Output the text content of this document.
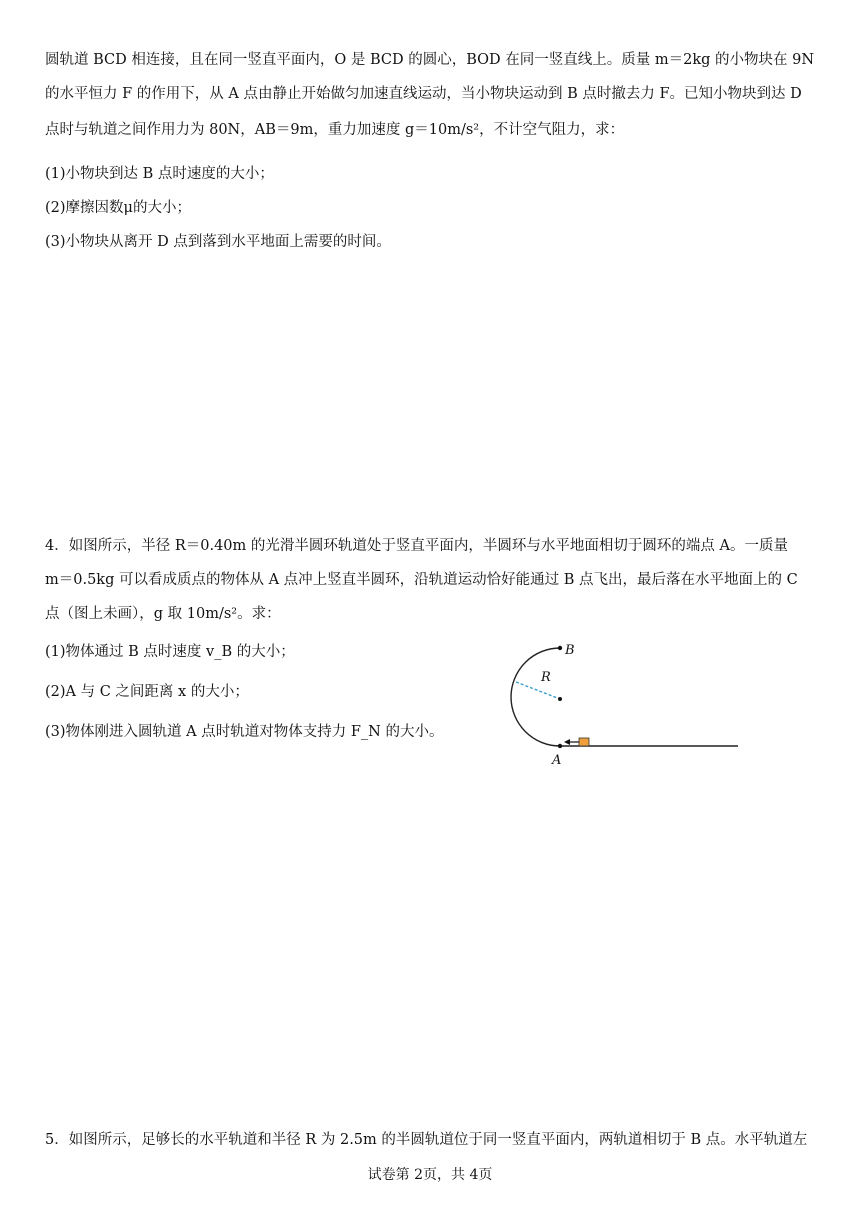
圆轨道 BCD 相连接，且在同一竖直平面内，O 是 BCD 的圆心，BOD 在同一竖直线上。质量 m＝2kg 的小物块在 9N
的水平恒力 F 的作用下，从 A 点由静止开始做匀加速直线运动，当小物块运动到 B 点时撤去力 F。已知小物块到达 D
点时与轨道之间作用力为 80N，AB＝9m，重力加速度 g＝10m/s²，不计空气阻力，求：
(1)小物块到达 B 点时速度的大小；
(2)摩擦因数μ的大小；
(3)小物块从离开 D 点到落到水平地面上需要的时间。
4．如图所示，半径 R＝0.40m 的光滑半圆环轨道处于竖直平面内，半圆环与水平地面相切于圆环的端点 A。一质量
m＝0.5kg 可以看成质点的物体从 A 点冲上竖直半圆环，沿轨道运动恰好能通过 B 点飞出，最后落在水平地面上的 C
点（图上未画），g 取 10m/s²。求：
(1)物体通过 B 点时速度 v_B 的大小；
(2)A 与 C 之间距离 x 的大小；
(3)物体刚进入圆轨道 A 点时轨道对物体支持力 F_N 的大小。
B
R
A
5．如图所示，足够长的水平轨道和半径 R 为 2.5m 的半圆轨道位于同一竖直平面内，两轨道相切于 B 点。水平轨道左
试卷第 2页，共 4页
